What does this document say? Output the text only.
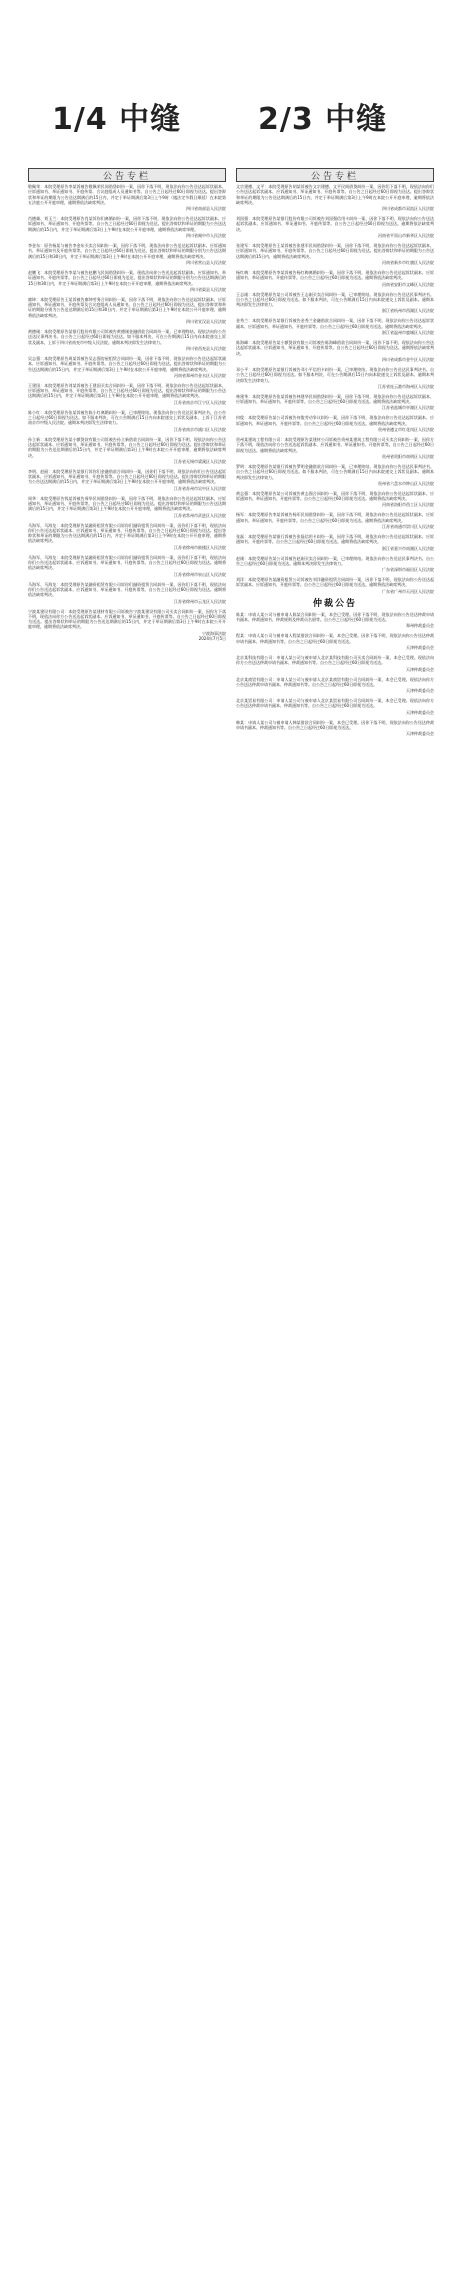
1/4 中缝	2/3 中缝
公告专栏
敬佩荣：本院受理原告李某诉被告敬佩荣民间借贷纠纷一案，因你下落不明，现依法向你公告送达起诉状副本、应诉通知书、举证通知书、开庭传票、合议庭组成人员通知书等。自公告之日起经过60日即视为送达。提出答辩状和举证的期限为公告送达期满后的15日内，并定于举证期满后第3日上午9时（遇法定节假日顺延）在本院第五法庭公开开庭审理，逾期将依法缺席判决。
四川省南部县人民法院
肖德雄、刘玉兰：本院受理原告肖某诉你们离婚纠纷一案，因你下落不明，现依法向你公告送达起诉状副本、应诉通知书、举证通知书、开庭传票等。自公告之日起经过60日即视为送达。提出答辩状和举证的期限为公告送达期满后的15日内，并定于举证期满后第3日上午9时在本院公开开庭审理，逾期将依法缺席审理。
四川省阆中市人民法院
李金东：原告杨某与被告李金东买卖合同纠纷一案，因你下落不明，现依法向你公告送达起诉状副本、应诉通知书、举证通知书及开庭传票等。自公告之日起经过60日即视为送达，提出答辩状和举证的期限分别为公告送达期满后的15日和30日内，并定于举证期满后第3日上午9时在本院公开开庭审理，逾期将依法缺席判决。
四川省营山县人民法院
赵鹏飞：本院受理原告李某与被告赵鹏飞民间借贷纠纷一案，现依法向你公告送达起诉状副本、应诉通知书、举证通知书、开庭传票等。自公告之日起经过60日即视为送达，提出答辩状和举证的期限分别为公告送达期满后的15日和30日内，并定于举证期满后第3日上午9时在本院公开开庭审理，逾期将依法缺席判决。
四川省渠县人民法院
廖坤：本院受理原告王某诉被告廖坤劳务合同纠纷一案，因你下落不明，现依法向你公告送达起诉状副本、应诉通知书、举证通知书、开庭传票及合议庭组成人员通知书。自公告之日起经过60日即视为送达，提出答辩状和举证的期限分别为公告送达期满后的15日和30日内，并定于举证期满后第3日上午9时在本院公开开庭审理，逾期将依法缺席判决。
四川省宣汉县人民法院
黄德刚：本院受理原告某银行股份有限公司诉被告黄德刚金融借款合同纠纷一案，已审理终结。现依法向你公告送达民事判决书。自公告之日起经过60日即视为送达。如不服本判决，可在公告期满后15日内向本院递交上诉状及副本，上诉于四川省南充市中级人民法院。逾期本判决即发生法律效力。
四川省西充县人民法院
吴志强：本院受理原告周某诉被告吴志强房屋租赁合同纠纷一案，因你下落不明，现依法向你公告送达起诉状副本、应诉通知书、举证通知书、开庭传票等。自公告之日起经过60日即视为送达。提出答辩状和举证的期限为公告送达期满后的15日内，并定于举证期满后第3日上午9时在本院公开开庭审理，逾期将依法缺席判决。
河南省郑州市金水区人民法院
王建国：本院受理原告刘某诉被告王建国买卖合同纠纷一案，因你下落不明，现依法向你公告送达起诉状副本、应诉通知书、举证通知书、开庭传票等。自公告之日起经过60日即视为送达。提出答辩状和举证的期限为公告送达期满后的15日内，并定于举证期满后第3日上午9时在本院公开开庭审理，逾期将依法缺席判决。
江苏省南京市江宁区人民法院
陈小红：本院受理原告张某诉被告陈小红离婚纠纷一案，已审理终结。现依法向你公告送达民事判决书。自公告之日起经过60日即视为送达。如不服本判决，可在公告期满后15日内向本院递交上诉状及副本，上诉于江苏省南京市中级人民法院。逾期本判决即发生法律效力。
江苏省南京市浦口区人民法院
孙立新：本院受理原告某小额贷款有限公司诉被告孙立新借款合同纠纷一案，因你下落不明，现依法向你公告送达起诉状副本、应诉通知书、举证通知书、开庭传票等。自公告之日起经过60日即视为送达。提出答辩状和举证的期限为公告送达期满后的15日内，并定于举证期满后第3日上午9时在本院公开开庭审理，逾期将依法缺席判决。
江苏省无锡市梁溪区人民法院
李明、赵丽：本院受理原告某银行诉你们金融借款合同纠纷一案，因你们下落不明，现依法向你们公告送达起诉状副本、应诉通知书、举证通知书、开庭传票等。自公告之日起经过60日即视为送达。提出答辩状和举证的期限为公告送达期满后的15日内，并定于举证期满后第3日上午9时在本院公开开庭审理，逾期将依法缺席判决。
江苏省苏州市吴中区人民法院
周华：本院受理原告钱某诉被告周华民间借贷纠纷一案，因你下落不明，现依法向你公告送达起诉状副本、应诉通知书、举证通知书、开庭传票等。自公告之日起经过60日即视为送达。提出答辩状和举证的期限为公告送达期满后的15日内，并定于举证期满后第3日上午9时在本院公开开庭审理，逾期将依法缺席判决。
江苏省常州市武进区人民法院
马海军、马海龙：本院受理原告某融资租赁有限公司诉你们融资租赁合同纠纷一案，因你们下落不明，现依法向你们公告送达起诉状副本、应诉通知书、举证通知书、开庭传票等。自公告之日起经过60日即视为送达。提出答辩状和举证的期限为公告送达期满后的15日内，并定于举证期满后第3日上午9时在本院公开开庭审理，逾期将依法缺席判决。
江苏省徐州市鼓楼区人民法院
马海军、马海龙：本院受理原告某融资租赁有限公司诉你们融资租赁合同纠纷一案，因你们下落不明，现依法向你们公告送达起诉状副本、应诉通知书、举证通知书、开庭传票等。自公告之日起经过60日即视为送达。逾期将依法缺席判决。
江苏省徐州市泉山区人民法院
马海军、马海龙：本院受理原告某融资租赁有限公司诉你们融资租赁合同纠纷一案，因你们下落不明，现依法向你们公告送达起诉状副本、应诉通知书、举证通知书、开庭传票等。自公告之日起经过60日即视为送达。逾期将依法缺席判决。
江苏省徐州市云龙区人民法院
宁波某建设有限公司：本院受理原告某建材有限公司诉被告宁波某建设有限公司买卖合同纠纷一案，因你方下落不明，现依法向你方公告送达起诉状副本、应诉通知书、举证通知书、开庭传票等。自公告之日起经过60日即视为送达。提出答辩状和举证的期限为公告送达期满后的15日内，并定于举证期满后第3日上午9时在本院公开开庭审理，逾期将依法缺席判决。
宁波海事法院
2024年7月5日
公告专栏
文宗建德、文平：本院受理原告胡某诉被告文宗建德、文平民间借贷纠纷一案，因你们下落不明，现依法向你们公告送达起诉状副本、应诉通知书、举证通知书、开庭传票等。自公告之日起经过60日即视为送达。提出答辩状和举证的期限为公告送达期满后的15日内，并定于举证期满后第3日上午9时在本院公开开庭审理，逾期将依法缺席判决。
四川省成都市双流区人民法院
刘国强：本院受理原告某银行股份有限公司诉被告刘国强信用卡纠纷一案，因你下落不明，现依法向你公告送达起诉状副本、应诉通知书、举证通知书、开庭传票等。自公告之日起经过60日即视为送达。逾期将依法缺席判决。
河南省平顶山市新华区人民法院
张建军：本院受理原告王某诉被告张建军民间借贷纠纷一案，因你下落不明，现依法向你公告送达起诉状副本、应诉通知书、举证通知书、开庭传票等。自公告之日起经过60日即视为送达。提出答辩状和举证的期限为公告送达期满后的15日内，逾期将依法缺席判决。
河南省新乡市红旗区人民法院
杨红梅：本院受理原告李某诉被告杨红梅离婚纠纷一案，因你下落不明，现依法向你公告送达起诉状副本、应诉通知书、举证通知书、开庭传票等。自公告之日起经过60日即视为送达。逾期将依法缺席判决。
河南省安阳市文峰区人民法院
王志刚：本院受理原告某公司诉被告王志刚买卖合同纠纷一案，已审理终结。现依法向你公告送达民事判决书。自公告之日起经过60日即视为送达。如不服本判决，可在公告期满后15日内向本院递交上诉状及副本。逾期本判决即发生法律效力。
浙江省杭州市西湖区人民法院
金秀兰：本院受理原告某银行诉被告金秀兰金融借款合同纠纷一案，因你下落不明，现依法向你公告送达起诉状副本、应诉通知书、举证通知书、开庭传票等。自公告之日起经过60日即视为送达。逾期将依法缺席判决。
浙江省温州市鹿城区人民法院
陈海峰：本院受理原告某小额贷款有限公司诉被告陈海峰借款合同纠纷一案，因你下落不明，现依法向你公告送达起诉状副本、应诉通知书、举证通知书、开庭传票等。自公告之日起经过60日即视为送达。逾期将依法缺席判决。
四川省成都市金牛区人民法院
邓小平：本院受理原告某银行诉被告邓小平信用卡纠纷一案，已审理终结。现依法向你公告送达民事判决书。自公告之日起经过60日即视为送达。如不服本判决，可在公告期满后15日内向本院递交上诉状及副本。逾期本判决即发生法律效力。
江苏省连云港市海州区人民法院
林建华：本院受理原告张某诉被告林建华民间借贷纠纷一案，因你下落不明，现依法向你公告送达起诉状副本、应诉通知书、举证通知书、开庭传票等。自公告之日起经过60日即视为送达。逾期将依法缺席判决。
江苏省盐城市亭湖区人民法院
何俊：本院受理原告某公司诉被告何俊劳动争议纠纷一案，因你下落不明，现依法向你公告送达起诉状副本、应诉通知书、举证通知书、开庭传票等。自公告之日起经过60日即视为送达。逾期将依法缺席判决。
贵州省遵义市红花岗区人民法院
贵州某建筑工程有限公司：本院受理原告某建材公司诉被告贵州某建筑工程有限公司买卖合同纠纷一案，因你方下落不明，现依法向你方公告送达起诉状副本、应诉通知书、举证通知书、开庭传票等。自公告之日起经过60日即视为送达。逾期将依法缺席判决。
贵州省贵阳市南明区人民法院
罗明：本院受理原告某银行诉被告罗明金融借款合同纠纷一案，已审理终结。现依法向你公告送达民事判决书。自公告之日起经过60日即视为送达。如不服本判决，可在公告期满后15日内向本院递交上诉状及副本。逾期本判决即发生法律效力。
贵州省六盘水市钟山区人民法院
黄志强：本院受理原告某公司诉被告黄志强合同纠纷一案，因你下落不明，现依法向你公告送达起诉状副本、应诉通知书、举证通知书、开庭传票等。自公告之日起经过60日即视为送达。逾期将依法缺席判决。
河南省洛阳市西工区人民法院
杨军：本院受理原告李某诉被告杨军民间借贷纠纷一案，因你下落不明，现依法向你公告送达起诉状副本、应诉通知书、举证通知书、开庭传票等。自公告之日起经过60日即视为送达。逾期将依法缺席判决。
江苏省南通市崇川区人民法院
张磊：本院受理原告某银行诉被告张磊信用卡纠纷一案，因你下落不明，现依法向你公告送达起诉状副本、应诉通知书、开庭传票等。自公告之日起经过60日即视为送达。逾期将依法缺席判决。
浙江省嘉兴市南湖区人民法院
赵刚：本院受理原告某公司诉被告赵刚买卖合同纠纷一案，已审理终结。现依法向你公告送达民事判决书。自公告之日起经过60日即视为送达。逾期本判决即发生法律效力。
广东省深圳市福田区人民法院
刘洋：本院受理原告某融资租赁公司诉被告刘洋融资租赁合同纠纷一案，因你下落不明，现依法向你公告送达起诉状副本、应诉通知书、开庭传票等。自公告之日起经过60日即视为送达。逾期将依法缺席判决。
广东省广州市天河区人民法院
仲裁公告
陈某：申请人某公司与被申请人陈某合同纠纷一案，本会已受理。因你下落不明，现依法向你公告送达仲裁申请书副本、仲裁通知书、仲裁规则及仲裁员名册等。自公告之日起经过60日即视为送达。
郑州仲裁委员会
程某：申请人某公司与被申请人程某借款合同纠纷一案，本会已受理。因你下落不明，现依法向你公告送达仲裁申请书副本、仲裁通知书等。自公告之日起经过60日即视为送达。
天津仲裁委员会
北京某科技有限公司：申请人某公司与被申请人北京某科技有限公司买卖合同纠纷一案，本会已受理。现依法向你方公告送达仲裁申请书副本、仲裁通知书等。自公告之日起经过60日即视为送达。
天津仲裁委员会
北京某商贸有限公司：申请人某公司与被申请人北京某商贸有限公司合同纠纷一案，本会已受理。现依法向你方公告送达仲裁申请书副本、仲裁通知书等。自公告之日起经过60日即视为送达。
天津仲裁委员会
北京某贸易有限公司：申请人某公司与被申请人北京某贸易有限公司合同纠纷一案，本会已受理。现依法向你方公告送达仲裁申请书副本、仲裁通知书等。自公告之日起经过60日即视为送达。
天津仲裁委员会
韩某：申请人某公司与被申请人韩某借款合同纠纷一案，本会已受理。因你下落不明，现依法向你公告送达仲裁申请书副本、仲裁通知书等。自公告之日起经过60日即视为送达。
天津仲裁委员会
